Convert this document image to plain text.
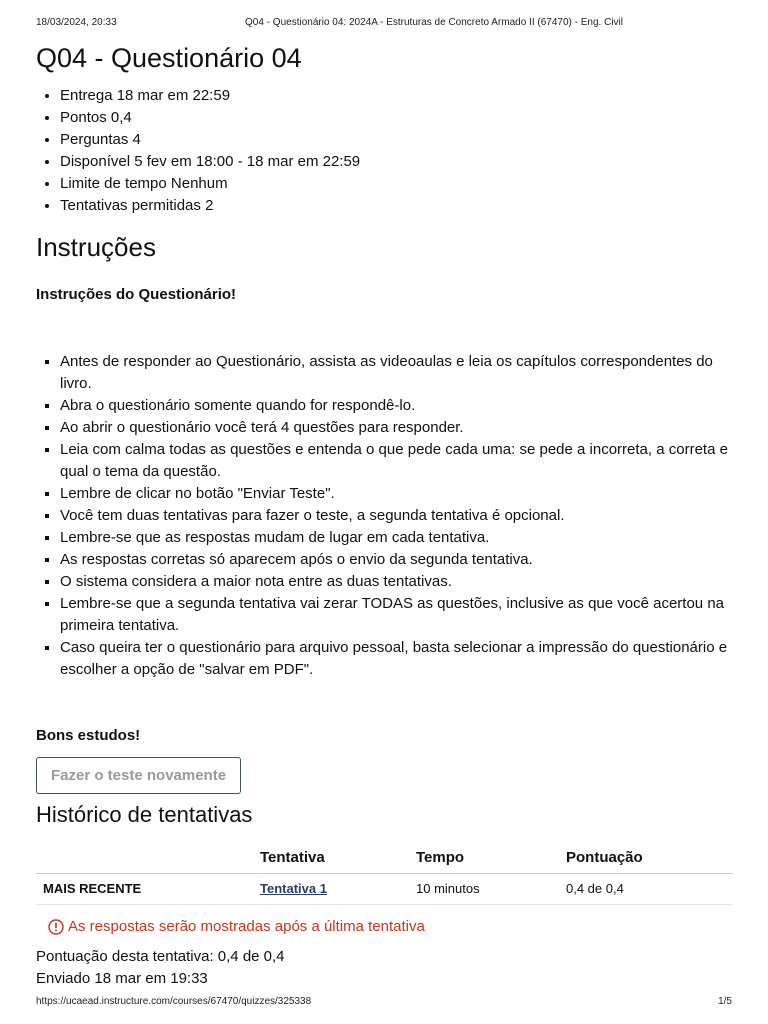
18/03/2024, 20:33	Q04 - Questionário 04: 2024A - Estruturas de Concreto Armado II (67470) - Eng. Civil
Q04 - Questionário 04
• Entrega 18 mar em 22:59
• Pontos 0,4
• Perguntas 4
• Disponível 5 fev em 18:00 - 18 mar em 22:59
• Limite de tempo Nenhum
• Tentativas permitidas 2
Instruções

Instruções do Questionário!

▪ Antes de responder ao Questionário, assista as videoaulas e leia os capítulos correspondentes do livro.
▪ Abra o questionário somente quando for respondê-lo.
▪ Ao abrir o questionário você terá 4 questões para responder.
▪ Leia com calma todas as questões e entenda o que pede cada uma: se pede a incorreta, a correta e qual o tema da questão.
▪ Lembre de clicar no botão "Enviar Teste".
▪ Você tem duas tentativas para fazer o teste, a segunda tentativa é opcional.
▪ Lembre-se que as respostas mudam de lugar em cada tentativa.
▪ As respostas corretas só aparecem após o envio da segunda tentativa.
▪ O sistema considera a maior nota entre as duas tentativas.
▪ Lembre-se que a segunda tentativa vai zerar TODAS as questões, inclusive as que você acertou na primeira tentativa.
▪ Caso queira ter o questionário para arquivo pessoal, basta selecionar a impressão do questionário e escolher a opção de "salvar em PDF".

Bons estudos!

Fazer o teste novamente
Histórico de tentativas
	Tentativa	Tempo	Pontuação
MAIS RECENTE	Tentativa 1	10 minutos	0,4 de 0,4
As respostas serão mostradas após a última tentativa
Pontuação desta tentativa: 0,4 de 0,4
Enviado 18 mar em 19:33
https://ucaead.instructure.com/courses/67470/quizzes/325338	1/5
